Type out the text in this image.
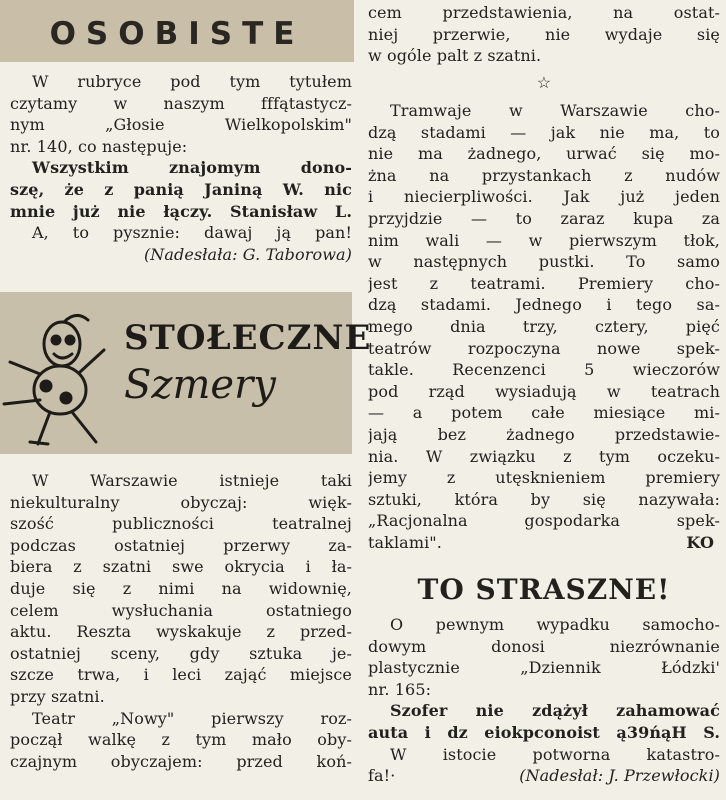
OSOBISTE
W rubryce pod tym tytułem
czytamy w naszym fffątastycz-
nym „Głosie Wielkopolskim"
nr. 140, co następuje:
Wszystkim znajomym dono-
szę, że z panią Janiną W. nic
mnie już nie łączy. Stanisław L.
A, to pysznie: dawaj ją pan!
(Nadesłała: G. Taborowa)
STOŁECZNE
Szmery
W Warszawie istnieje taki
niekulturalny obyczaj: więk-
szość publiczności teatralnej
podczas ostatniej przerwy za-
biera z szatni swe okrycia i ła-
duje się z nimi na widownię,
celem wysłuchania ostatniego
aktu. Reszta wyskakuje z przed-
ostatniej sceny, gdy sztuka je-
szcze trwa, i leci zająć miejsce
przy szatni.
Teatr „Nowy" pierwszy roz-
począł walkę z tym mało oby-
czajnym obyczajem: przed koń-
cem przedstawienia, na ostat-
niej przerwie, nie wydaje się
w ogóle palt z szatni.
☆
Tramwaje w Warszawie cho-
dzą stadami — jak nie ma, to
nie ma żadnego, urwać się mo-
żna na przystankach z nudów
i niecierpliwości. Jak już jeden
przyjdzie — to zaraz kupa za
nim wali — w pierwszym tłok,
w następnych pustki. To samo
jest z teatrami. Premiery cho-
dzą stadami. Jednego i tego sa-
mego dnia trzy, cztery, pięć
teatrów rozpoczyna nowe spek-
takle. Recenzenci 5 wieczorów
pod rząd wysiadują w teatrach
— a potem całe miesiące mi-
jają bez żadnego przedstawie-
nia. W związku z tym oczeku-
jemy z utęsknieniem premiery
sztuki, która by się nazywała:
„Racjonalna gospodarka spek-
taklami".	KO
TO STRASZNE!
O pewnym wypadku samocho-
dowym donosi niezrównanie
plastycznie „Dziennik Łódzki'
nr. 165:
Szofer nie zdążył zahamować
auta i dz eiokpconoist ą39ńąH S.
W istocie potworna katastro-
fa!·	(Nadesłał: J. Przewłocki)
